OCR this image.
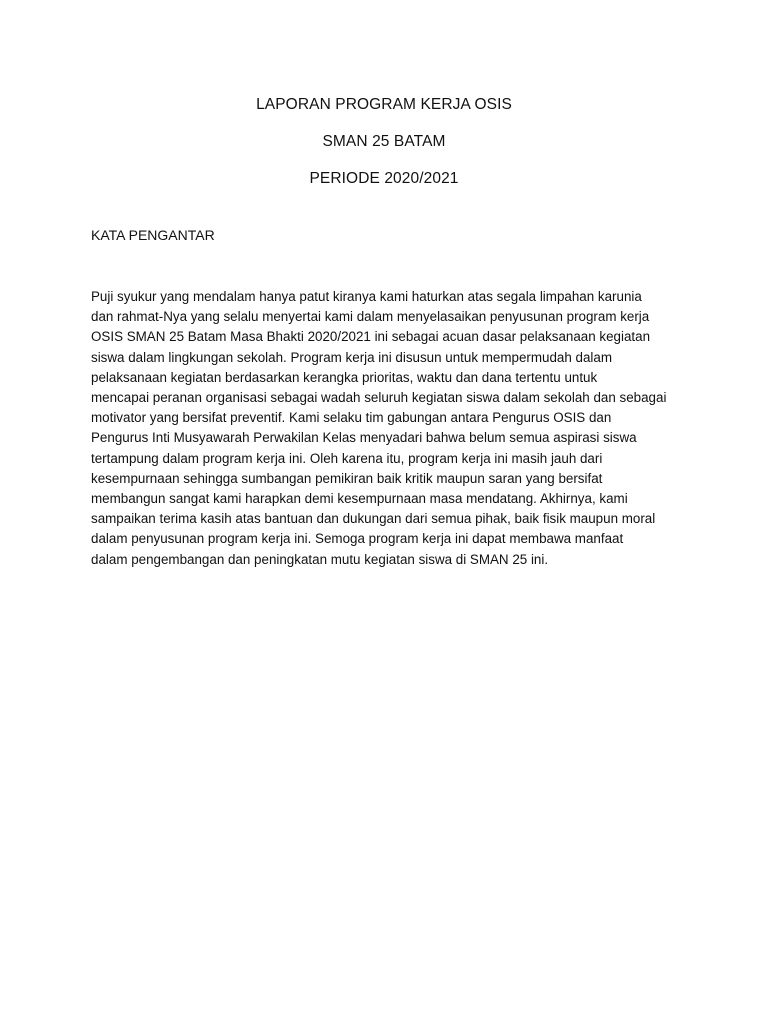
LAPORAN PROGRAM KERJA OSIS
SMAN 25 BATAM
PERIODE 2020/2021
KATA PENGANTAR
Puji syukur yang mendalam hanya patut kiranya kami haturkan atas segala limpahan karunia
dan rahmat-Nya yang selalu menyertai kami dalam menyelasaikan penyusunan program kerja
OSIS SMAN 25 Batam Masa Bhakti 2020/2021 ini sebagai acuan dasar pelaksanaan kegiatan
siswa dalam lingkungan sekolah. Program kerja ini disusun untuk mempermudah dalam
pelaksanaan kegiatan berdasarkan kerangka prioritas, waktu dan dana tertentu untuk
mencapai peranan organisasi sebagai wadah seluruh kegiatan siswa dalam sekolah dan sebagai
motivator yang bersifat preventif. Kami selaku tim gabungan antara Pengurus OSIS dan
Pengurus Inti Musyawarah Perwakilan Kelas menyadari bahwa belum semua aspirasi siswa
tertampung dalam program kerja ini. Oleh karena itu, program kerja ini masih jauh dari
kesempurnaan sehingga sumbangan pemikiran baik kritik maupun saran yang bersifat
membangun sangat kami harapkan demi kesempurnaan masa mendatang. Akhirnya, kami
sampaikan terima kasih atas bantuan dan dukungan dari semua pihak, baik fisik maupun moral
dalam penyusunan program kerja ini. Semoga program kerja ini dapat membawa manfaat
dalam pengembangan dan peningkatan mutu kegiatan siswa di SMAN 25 ini.
